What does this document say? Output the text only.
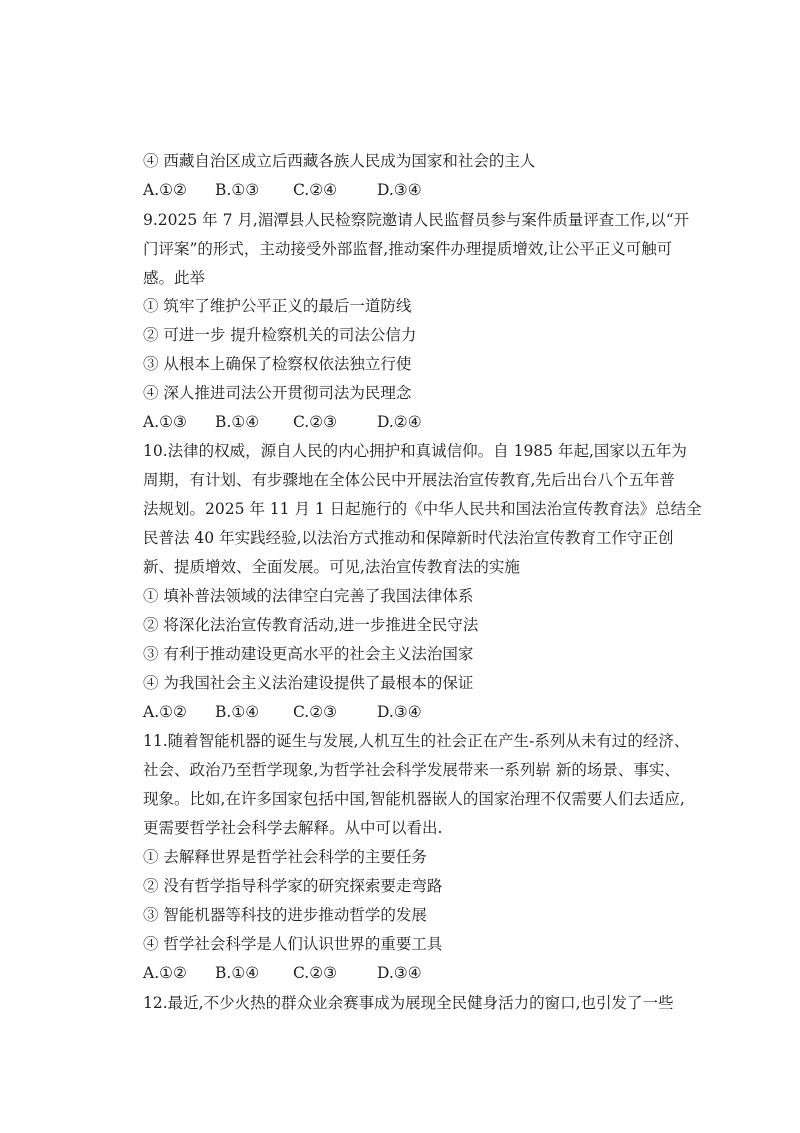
④ 西藏自治区成立后西藏各族人民成为国家和社会的主人
A.①② B.①③ C.②④	D.③④
9.2025 年 7 月,湄潭县人民检察院邀请人民监督员参与案件质量评查工作,以“开
门评案”的形式，主动接受外部监督,推动案件办理提质增效,让公平正义可触可
感。此举
① 筑牢了维护公平正义的最后一道防线
② 可进一步 提升检察机关的司法公信力
③ 从根本上确保了检察权依法独立行使
④ 深人推进司法公开贯彻司法为民理念
A.①③ B.①④ C.②③	D.②④
10.法律的权威，源自人民的内心拥护和真诚信仰。自 1985 年起,国家以五年为
周期，有计划、有步骤地在全体公民中开展法治宣传教育,先后出台八个五年普
法规划。2025 年 11 月 1 日起施行的《中华人民共和国法治宣传教育法》总结全
民普法 40 年实践经验,以法治方式推动和保障新时代法治宣传教育工作守正创
新、提质增效、全面发展。可见,法治宣传教育法的实施
① 填补普法领域的法律空白完善了我国法律体系
② 将深化法治宣传教育活动,进一步推进全民守法
③ 有利于推动建设更高水平的社会主义法治国家
④ 为我国社会主义法治建设提供了最根本的保证
A.①② B.①④ C.②③	D.③④
11.随着智能机器的诞生与发展,人机互生的社会正在产生-系列从未有过的经济、
社会、政治乃至哲学现象,为哲学社会科学发展带来一系列崭 新的场景、事实、
现象。比如,在许多国家包括中国,智能机器嵌人的国家治理不仅需要人们去适应,
更需要哲学社会科学去解释。从中可以看出.
① 去解释世界是哲学社会科学的主要任务
② 没有哲学指导科学家的研究探索要走弯路
③ 智能机器等科技的进步推动哲学的发展
④ 哲学社会科学是人们认识世界的重要工具
A.①② B.①④ C.②③	D.③④
12.最近,不少火热的群众业余赛事成为展现全民健身活力的窗口,也引发了一些
